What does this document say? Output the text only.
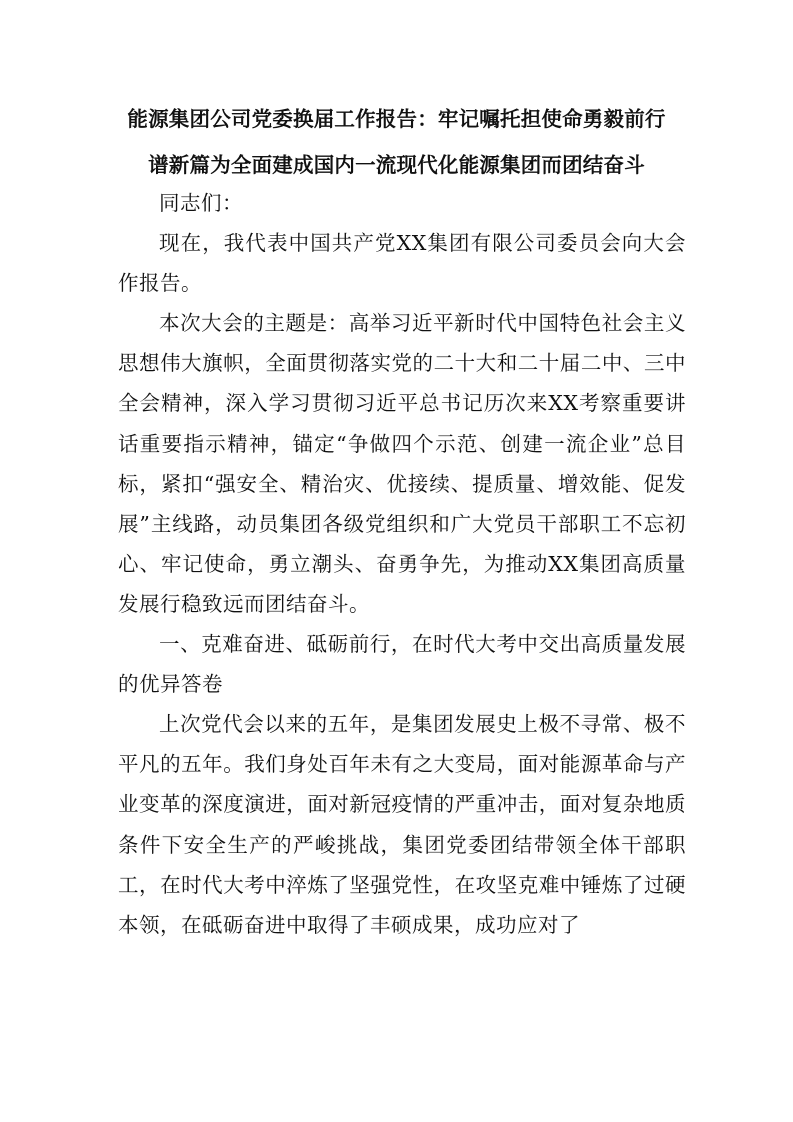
能源集团公司党委换届工作报告：牢记嘱托担使命勇毅前行
谱新篇为全面建成国内一流现代化能源集团而团结奋斗

同志们：

现在，我代表中国共产党XX集团有限公司委员会向大会作报告。

本次大会的主题是：高举习近平新时代中国特色社会主义思想伟大旗帜，全面贯彻落实党的二十大和二十届二中、三中全会精神，深入学习贯彻习近平总书记历次来XX考察重要讲话重要指示精神，锚定“争做四个示范、创建一流企业”总目标，紧扣“强安全、精治灾、优接续、提质量、增效能、促发展”主线路，动员集团各级党组织和广大党员干部职工不忘初心、牢记使命，勇立潮头、奋勇争先，为推动XX集团高质量发展行稳致远而团结奋斗。

一、克难奋进、砥砺前行，在时代大考中交出高质量发展的优异答卷

上次党代会以来的五年，是集团发展史上极不寻常、极不平凡的五年。我们身处百年未有之大变局，面对能源革命与产业变革的深度演进，面对新冠疫情的严重冲击，面对复杂地质条件下安全生产的严峻挑战，集团党委团结带领全体干部职工，在时代大考中淬炼了坚强党性，在攻坚克难中锤炼了过硬本领，在砥砺奋进中取得了丰硕成果，成功应对了
